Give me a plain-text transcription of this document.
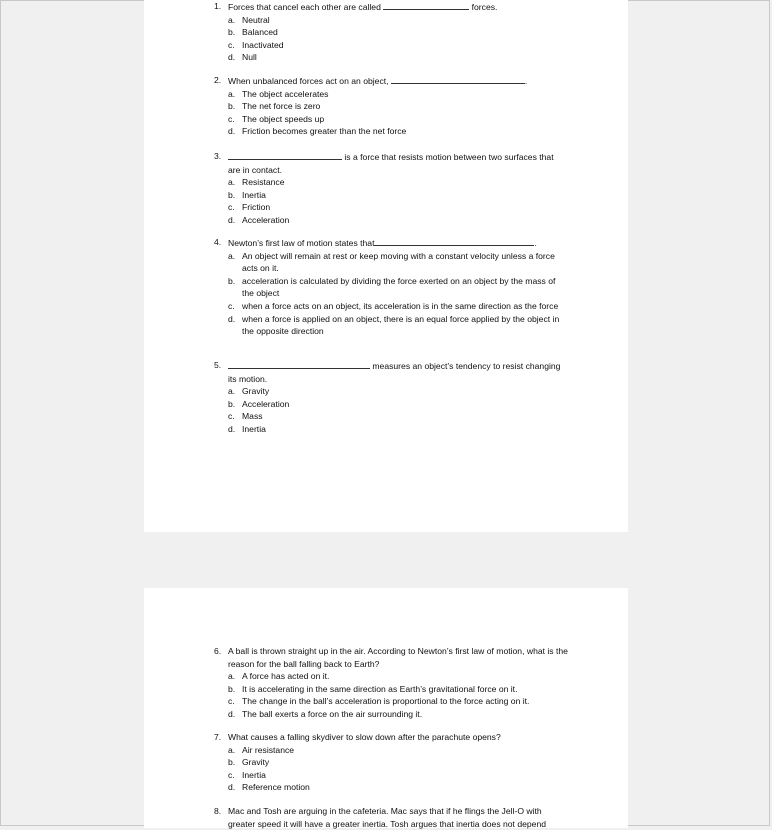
1. Forces that cancel each other are called	forces.
a. Neutral
b. Balanced
c. Inactivated
d. Null
2. When unbalanced forces act on an object,	.
a. The object accelerates
b. The net force is zero
c. The object speeds up
d. Friction becomes greater than the net force
3.	is a force that resists motion between two surfaces that
are in contact.
a. Resistance
b. Inertia
c. Friction
d. Acceleration
4. Newton’s first law of motion states that	.
a. An object will remain at rest or keep moving with a constant velocity unless a force acts on it.
b. acceleration is calculated by dividing the force exerted on an object by the mass of the object
c. when a force acts on an object, its acceleration is in the same direction as the force
d. when a force is applied on an object, there is an equal force applied by the object in the opposite direction
5.	measures an object’s tendency to resist changing
its motion.
a. Gravity
b. Acceleration
c. Mass
d. Inertia
6. A ball is thrown straight up in the air. According to Newton’s first law of motion, what is the reason for the ball falling back to Earth?
a. A force has acted on it.
b. It is accelerating in the same direction as Earth’s gravitational force on it.
c. The change in the ball’s acceleration is proportional to the force acting on it.
d. The ball exerts a force on the air surrounding it.
7. What causes a falling skydiver to slow down after the parachute opens?
a. Air resistance
b. Gravity
c. Inertia
d. Reference motion
8. Mac and Tosh are arguing in the cafeteria. Mac says that if he flings the Jell-O with greater speed it will have a greater inertia. Tosh argues that inertia does not depend
